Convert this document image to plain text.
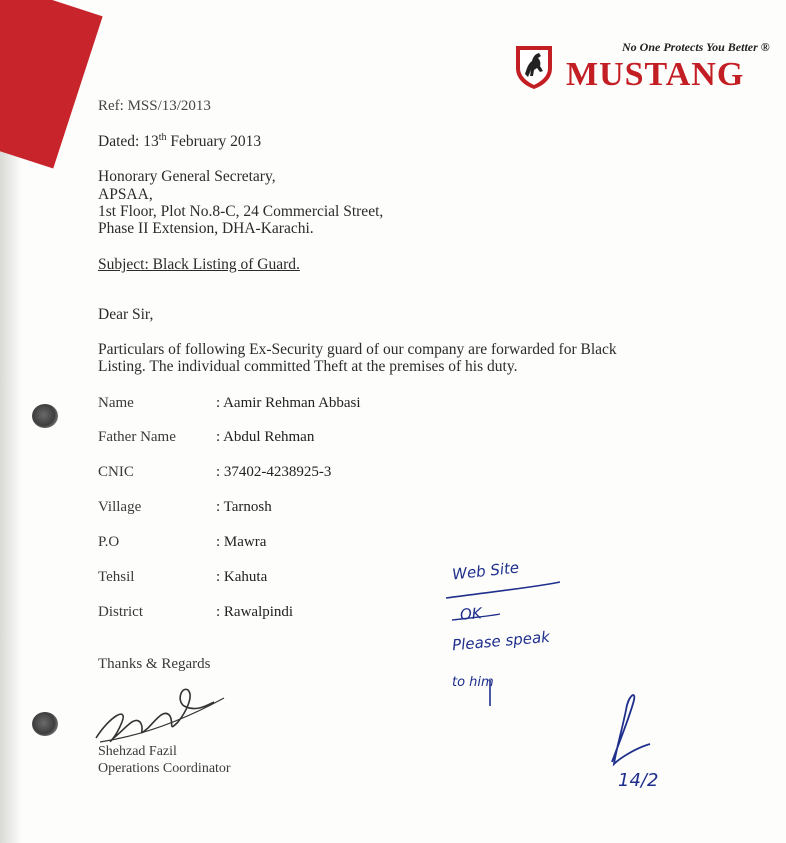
No One Protects You Better ®
MUSTANG
Ref: MSS/13/2013
Dated: 13th February 2013
Honorary General Secretary,
APSAA,
1st Floor, Plot No.8-C, 24 Commercial Street,
Phase II Extension, DHA-Karachi.
Subject: Black Listing of Guard.
Dear Sir,
Particulars of following Ex-Security guard of our company are forwarded for Black
Listing. The individual committed Theft at the premises of his duty.
Name	: Aamir Rehman Abbasi
Father Name	: Abdul Rehman
CNIC	: 37402-4238925-3
Village	: Tarnosh
P.O	: Mawra
Tehsil	: Kahuta
District	: Rawalpindi
Thanks & Regards
Shehzad Fazil
Operations Coordinator
Web Site
OK
Please speak
to him
14/2
